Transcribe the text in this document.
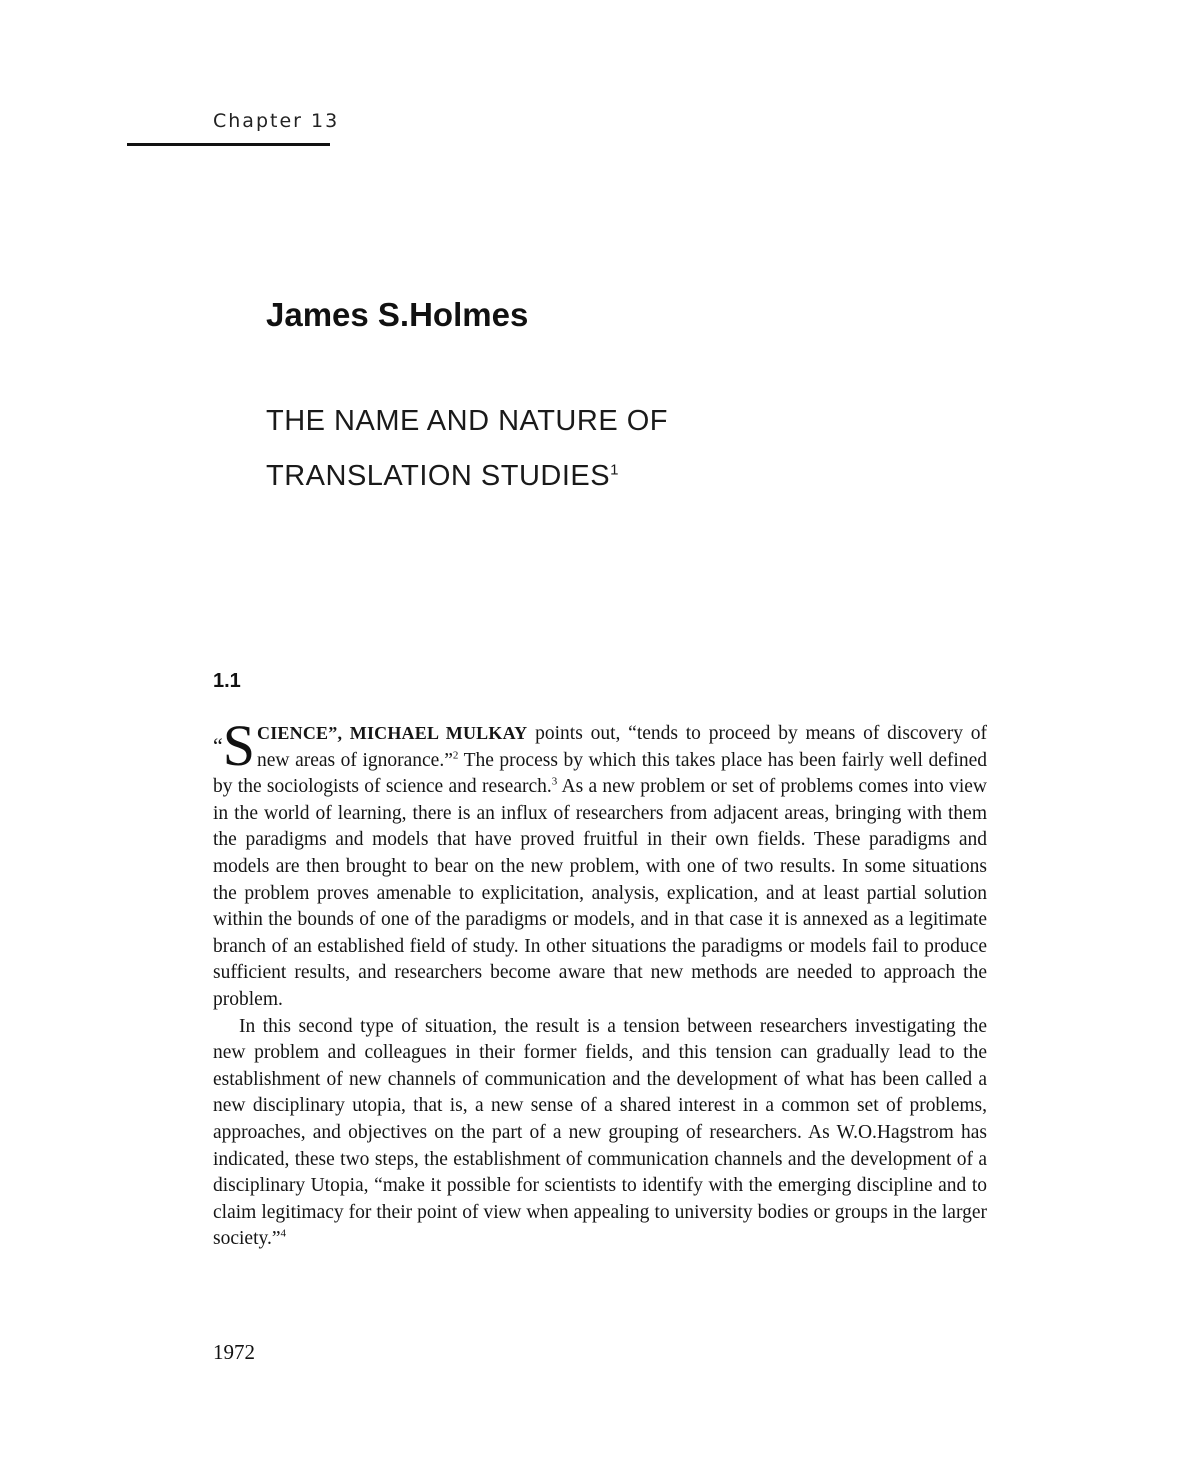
Chapter 13
James S.Holmes
THE NAME AND NATURE OF
TRANSLATION STUDIES$^1$
1.1

“S CIENCE”, MICHAEL MULKAY points out, “tends to proceed by means of discovery of new areas of ignorance.”$^2$ The process by which this takes place has been fairly well defined by the sociologists of science and research.$^3$ As a new problem or set of problems comes into view in the world of learning, there is an influx of researchers from adjacent areas, bringing with them the paradigms and models that have proved fruitful in their own fields. These paradigms and models are then brought to bear on the new problem, with one of two results. In some situations the problem proves amenable to explicitation, analysis, explication, and at least partial solution within the bounds of one of the paradigms or models, and in that case it is annexed as a legitimate branch of an established field of study. In other situations the paradigms or models fail to produce sufficient results, and researchers become aware that new methods are needed to approach the problem.

In this second type of situation, the result is a tension between researchers investigating the new problem and colleagues in their former fields, and this tension can gradually lead to the establishment of new channels of communication and the development of what has been called a new disciplinary utopia, that is, a new sense of a shared interest in a common set of problems, approaches, and objectives on the part of a new grouping of researchers. As W.O.Hagstrom has indicated, these two steps, the establishment of communication channels and the development of a disciplinary Utopia, “make it possible for scientists to identify with the emerging discipline and to claim legitimacy for their point of view when appealing to university bodies or groups in the larger society.”$^4$

1972
